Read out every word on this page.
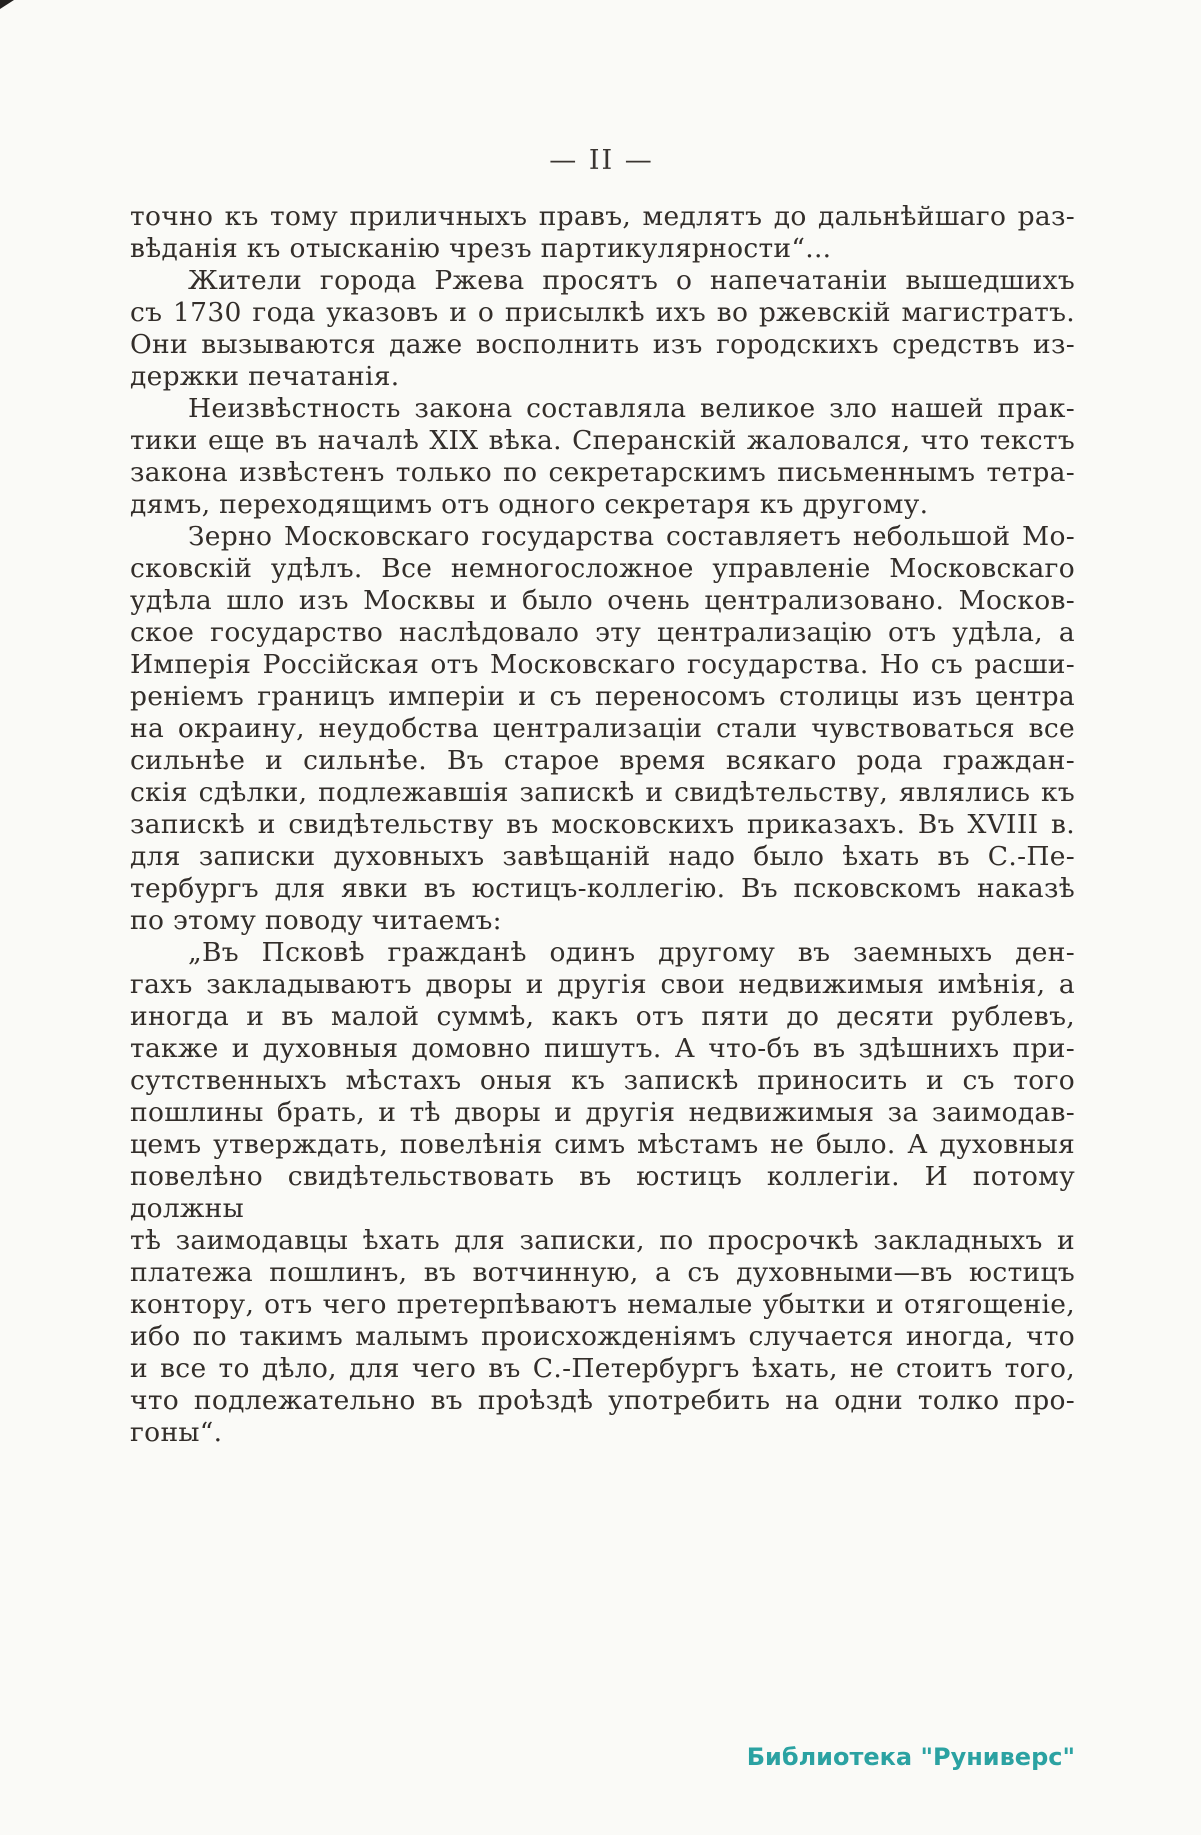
— II —
точно къ тому приличныхъ правъ, медлятъ до дальнѣйшаго раз-
вѣданія къ отысканію чрезъ партикулярности“...
Жители города Ржева просятъ о напечатаніи вышедшихъ
съ 1730 года указовъ и о присылкѣ ихъ во ржевскій магистратъ.
Они вызываются даже восполнить изъ городскихъ средствъ из-
держки печатанія.
Неизвѣстность закона составляла великое зло нашей прак-
тики еще въ началѣ XIX вѣка. Сперанскій жаловался, что текстъ
закона извѣстенъ только по секретарскимъ письменнымъ тетра-
дямъ, переходящимъ отъ одного секретаря къ другому.
Зерно Московскаго государства составляетъ небольшой Мо-
сковскій удѣлъ. Все немногосложное управленіе Московскаго
удѣла шло изъ Москвы и было очень централизовано. Москов-
ское государство наслѣдовало эту централизацію отъ удѣла, а
Имперія Россійская отъ Московскаго государства. Но съ расши-
реніемъ границъ имперіи и съ переносомъ столицы изъ центра
на окраину, неудобства централизаціи стали чувствоваться все
сильнѣе и сильнѣе. Въ старое время всякаго рода граждан-
скія сдѣлки, подлежавшія запискѣ и свидѣтельству, являлись къ
запискѣ и свидѣтельству въ московскихъ приказахъ. Въ XVIII в.
для записки духовныхъ завѣщаній надо было ѣхать въ С.-Пе-
тербургъ для явки въ юстицъ-коллегію. Въ псковскомъ наказѣ
по этому поводу читаемъ:
„Въ Псковѣ гражданѣ одинъ другому въ заемныхъ ден-
гахъ закладываютъ дворы и другія свои недвижимыя имѣнія, а
иногда и въ малой суммѣ, какъ отъ пяти до десяти рублевъ,
также и духовныя домовно пишутъ. А что-бъ въ здѣшнихъ при-
сутственныхъ мѣстахъ оныя къ запискѣ приносить и съ того
пошлины брать, и тѣ дворы и другія недвижимыя за заимодав-
цемъ утверждать, повелѣнія симъ мѣстамъ не было. А духовныя
повелѣно свидѣтельствовать въ юстицъ коллегіи. И потому должны
тѣ заимодавцы ѣхать для записки, по просрочкѣ закладныхъ и
платежа пошлинъ, въ вотчинную, а съ духовными—въ юстицъ
контору, отъ чего претерпѣваютъ немалые убытки и отягощеніе,
ибо по такимъ малымъ происхожденіямъ случается иногда, что
и все то дѣло, для чего въ С.-Петербургъ ѣхать, не стоитъ того,
что подлежательно въ проѣздѣ употребить на одни толко про-
гоны“.
Библиотека "Руниверс"
